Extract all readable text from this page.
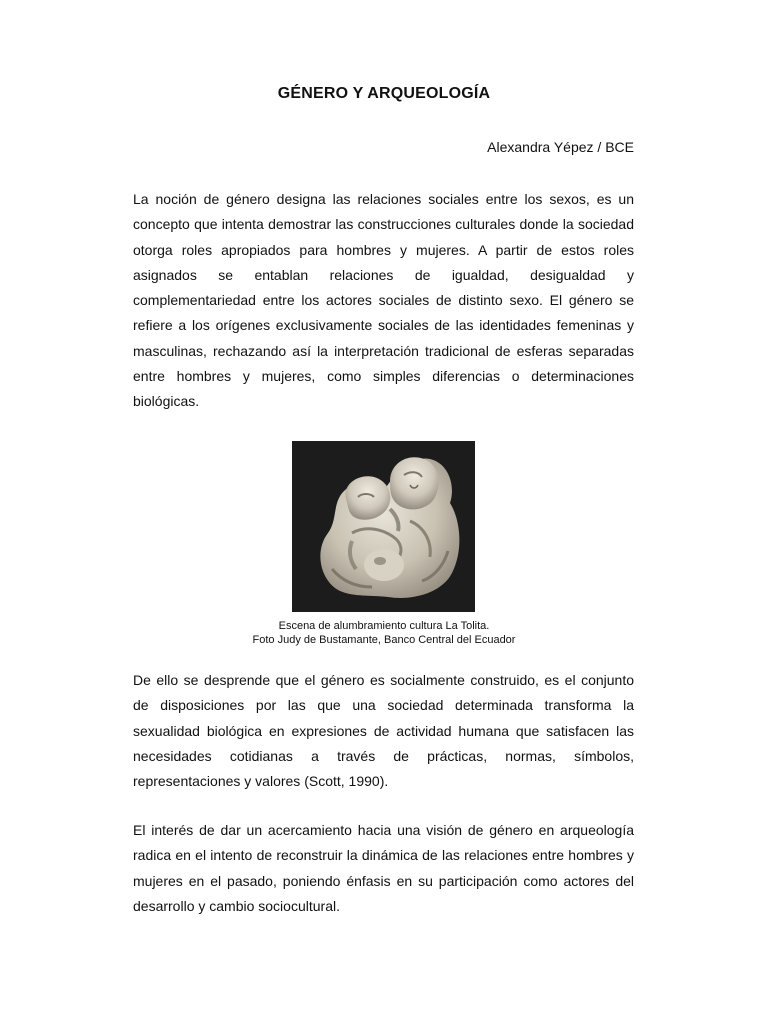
GÉNERO Y ARQUEOLOGÍA
Alexandra Yépez / BCE

La noción de género designa las relaciones sociales entre los sexos, es un concepto que intenta demostrar las construcciones culturales donde la sociedad otorga roles apropiados para hombres y mujeres. A partir de estos roles asignados se entablan relaciones de igualdad, desigualdad y complementariedad entre los actores sociales de distinto sexo. El género se refiere a los orígenes exclusivamente sociales de las identidades femeninas y masculinas, rechazando así la interpretación tradicional de esferas separadas entre hombres y mujeres, como simples diferencias o determinaciones biológicas.

Escena de alumbramiento cultura La Tolita.
Foto Judy de Bustamante, Banco Central del Ecuador

De ello se desprende que el género es socialmente construido, es el conjunto de disposiciones por las que una sociedad determinada transforma la sexualidad biológica en expresiones de actividad humana que satisfacen las necesidades cotidianas a través de prácticas, normas, símbolos, representaciones y valores (Scott, 1990).

El interés de dar un acercamiento hacia una visión de género en arqueología radica en el intento de reconstruir la dinámica de las relaciones entre hombres y mujeres en el pasado, poniendo énfasis en su participación como actores del desarrollo y cambio sociocultural.
